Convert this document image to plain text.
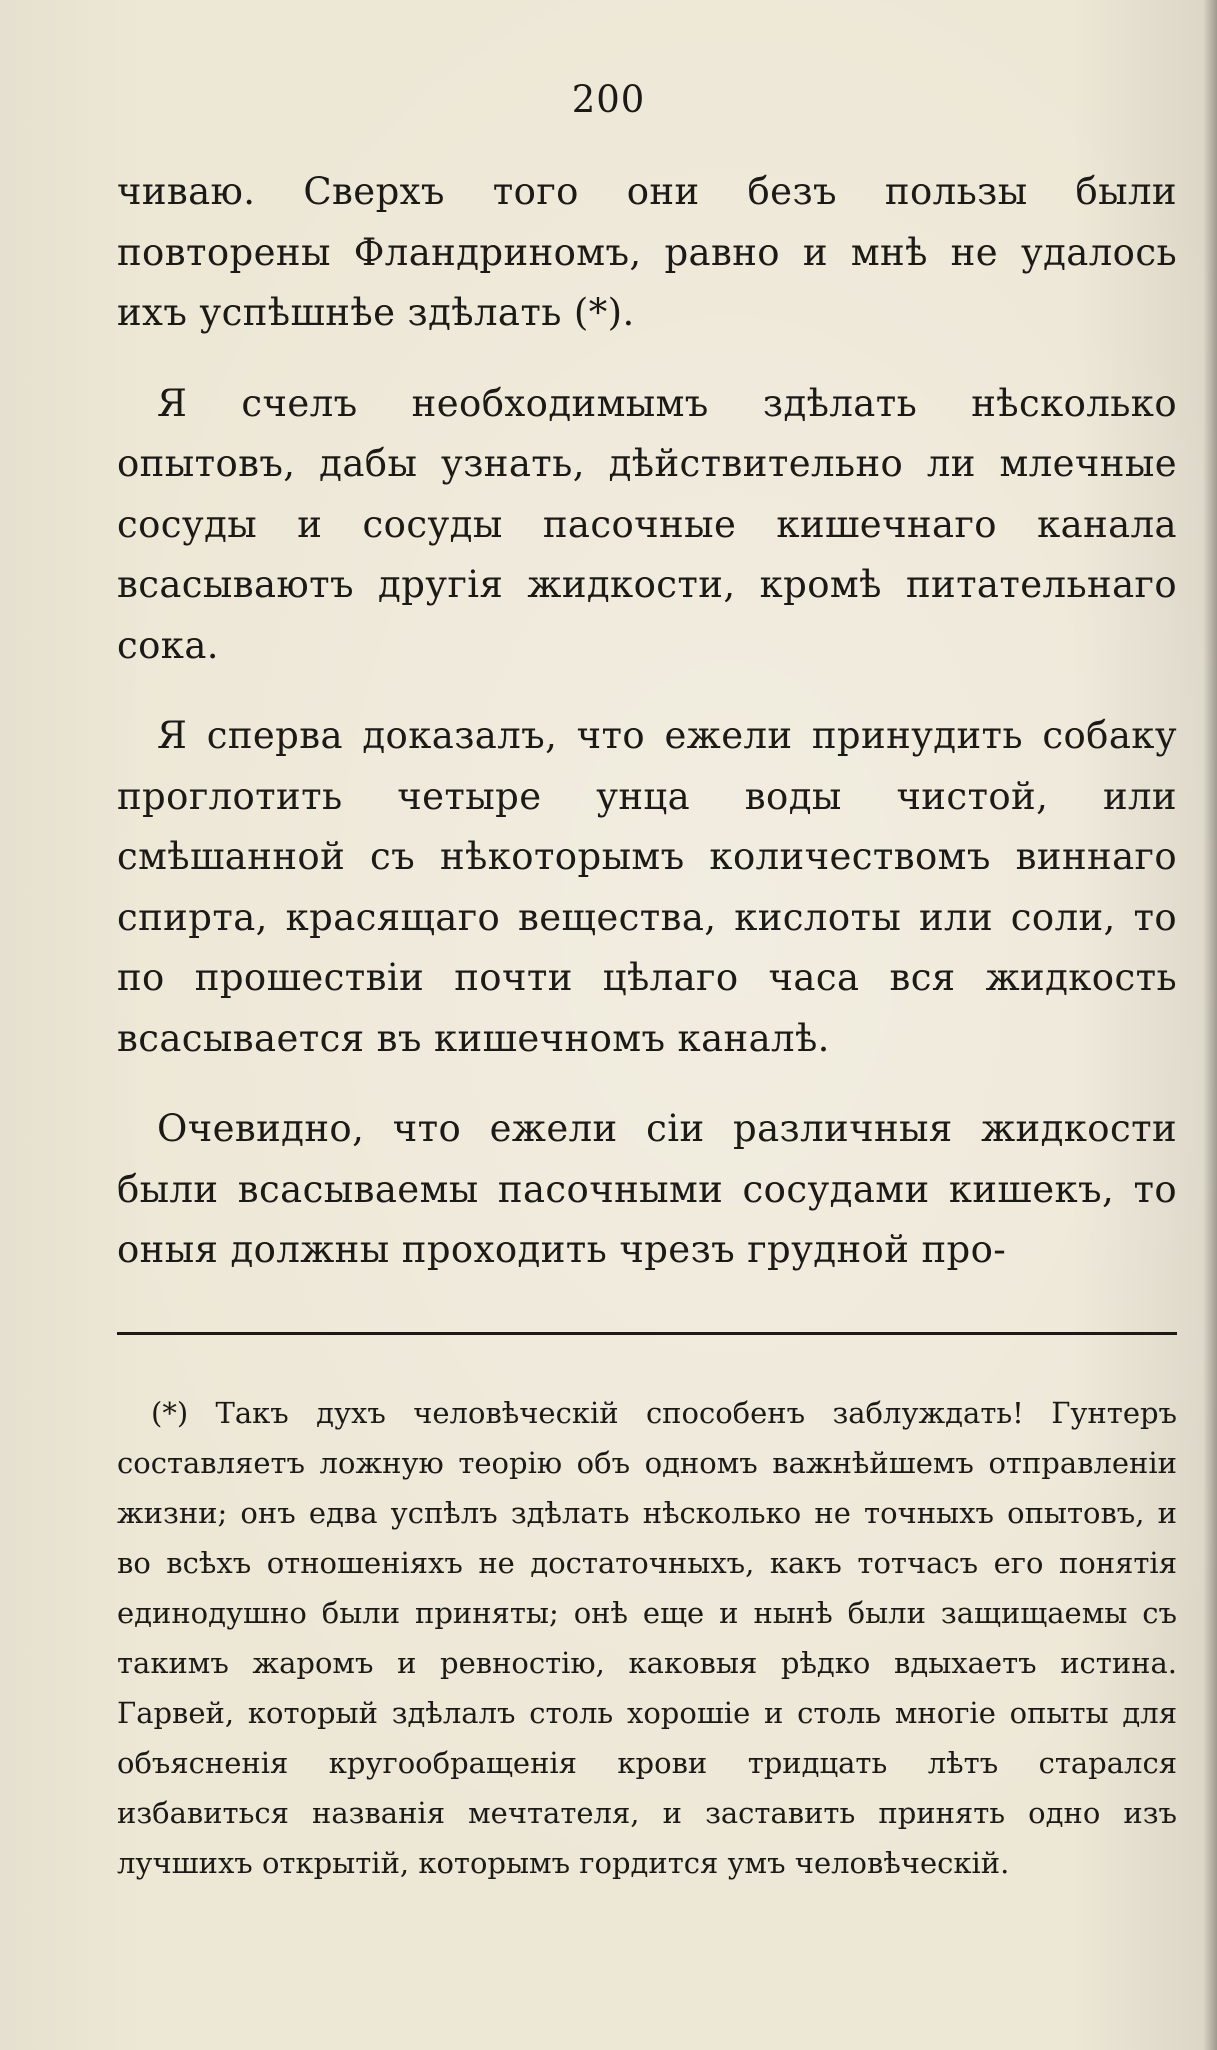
200

чиваю. Сверхъ того они безъ пользы были повторены Фландриномъ, равно и мнѣ не удалось ихъ успѣшнѣе здѣлать (*).

Я счелъ необходимымъ здѣлать нѣсколько опытовъ, дабы узнать, дѣйствительно ли млечные сосуды и сосуды пасочные кишечнаго канала всасываютъ другія жидкости, кромѣ питательнаго сока.

Я сперва доказалъ, что ежели принудить собаку проглотить четыре унца воды чистой, или смѣшанной съ нѣкоторымъ количествомъ виннаго спирта, красящаго вещества, кислоты или соли, то по прошествіи почти цѣлаго часа вся жидкость всасывается въ кишечномъ каналѣ.

Очевидно, что ежели сіи различныя жидкости были всасываемы пасочными сосудами кишекъ, то оныя должны проходить чрезъ грудной про-

(*) Такъ духъ человѣческій способенъ заблуждать! Гунтеръ составляетъ ложную теорію объ одномъ важнѣйшемъ отправленіи жизни; онъ едва успѣлъ здѣлать нѣсколько не точныхъ опытовъ, и во всѣхъ отношеніяхъ не достаточныхъ, какъ тотчасъ его понятія единодушно были приняты; онѣ еще и нынѣ были защищаемы съ такимъ жаромъ и ревностію, каковыя рѣдко вдыхаетъ истина. Гарвей, который здѣлалъ столь хорошіе и столь многіе опыты для объясненія кругообращенія крови тридцать лѣтъ старался избавиться названія мечтателя, и заставить принять одно изъ лучшихъ открытій, которымъ гордится умъ человѣческій.
